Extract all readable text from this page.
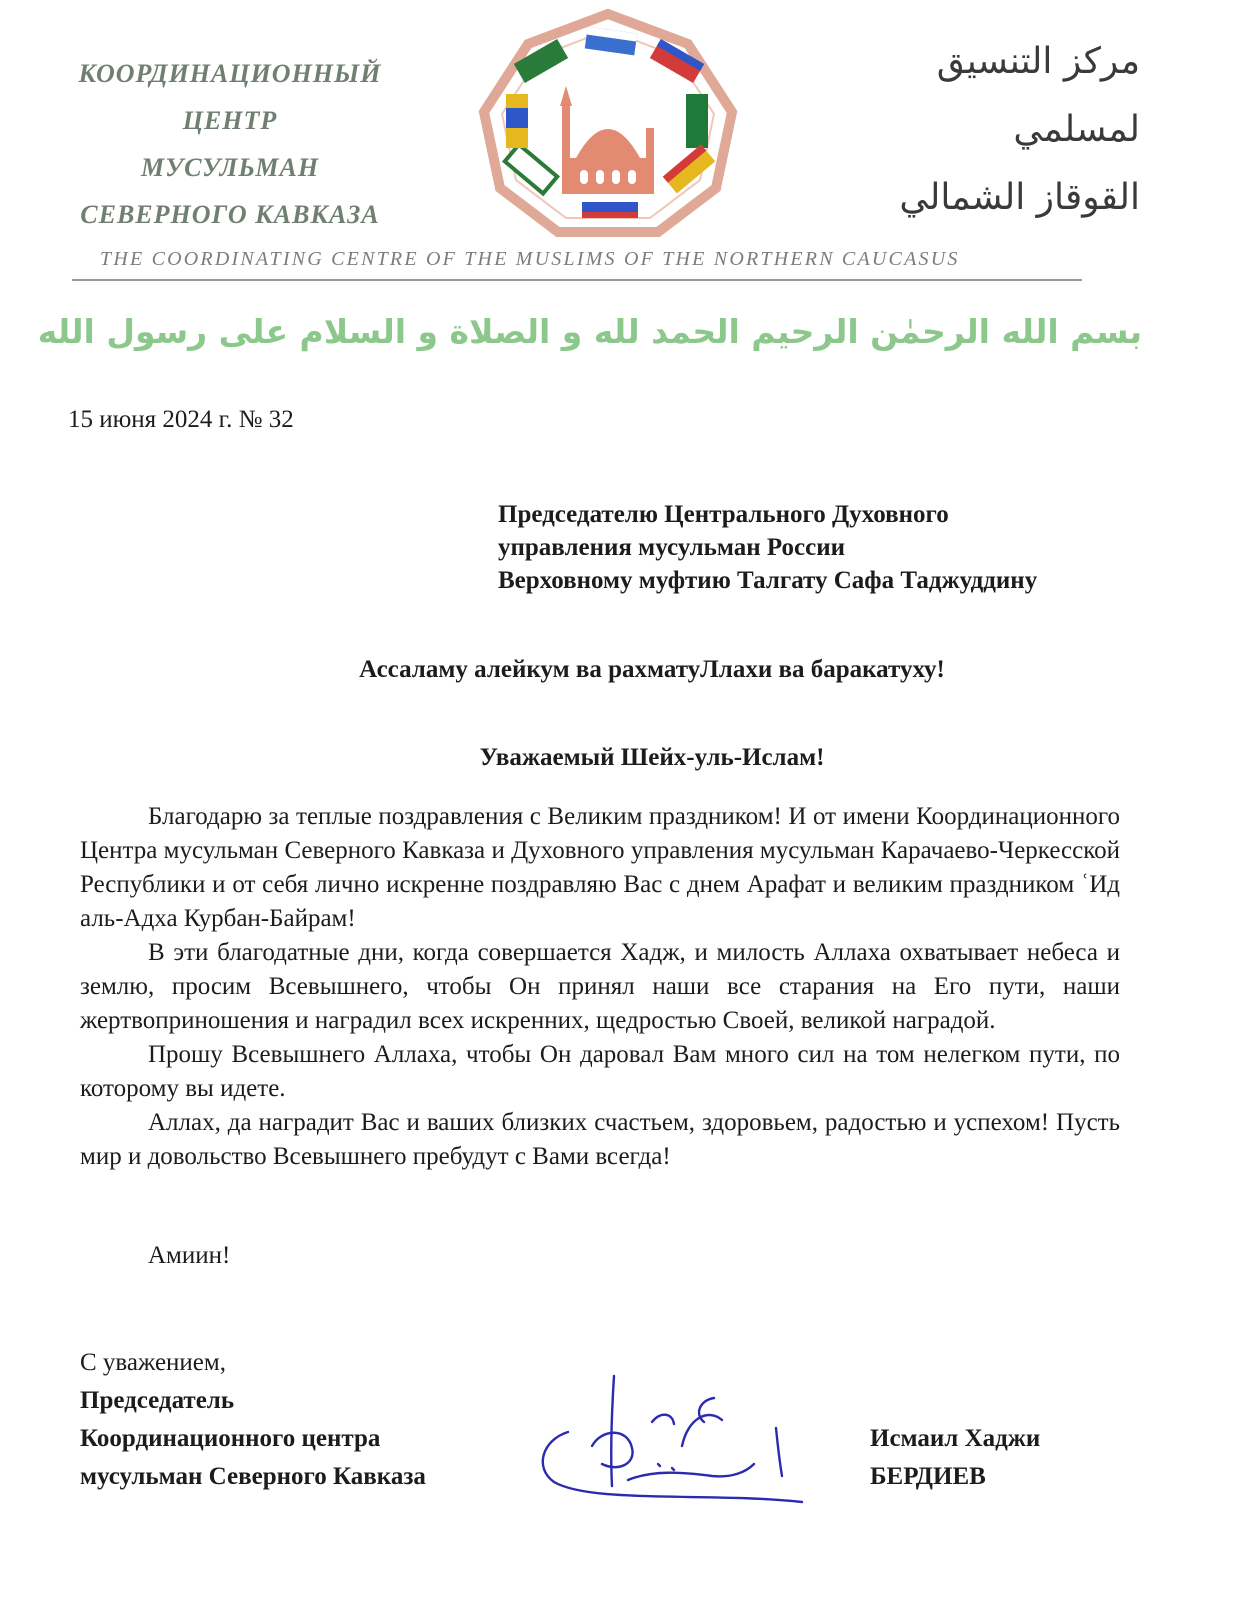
КООРДИНАЦИОННЫЙ
ЦЕНТР
МУСУЛЬМАН
СЕВЕРНОГО КАВКАЗА
مركز التنسيق
لمسلمي
القوقاز الشمالي
THE COORDINATING CENTRE OF THE MUSLIMS OF THE NORTHERN CAUCASUS
بسم الله الرحمٰن الرحيم الحمد لله و الصلاة و السلام على رسول الله
15 июня 2024 г. № 32
Председателю Центрального Духовного
управления мусульман России
Верховному муфтию Талгату Сафа Таджуддину
Ассаламу алейкум ва рахматуЛлахи ва баракатуху!
Уважаемый Шейх-уль-Ислам!

Благодарю за теплые поздравления с Великим праздником! И от имени Координационного Центра мусульман Северного Кавказа и Духовного управления мусульман Карачаево-Черкесской Республики и от себя лично искренне поздравляю Вас с днем Арафат и великим праздником ʿИд аль-Адха Курбан-Байрам!

В эти благодатные дни, когда совершается Хадж, и милость Аллаха охватывает небеса и землю, просим Всевышнего, чтобы Он принял наши все старания на Его пути, наши жертвоприношения и наградил всех искренних, щедростью Своей, великой наградой.

Прошу Всевышнего Аллаха, чтобы Он даровал Вам много сил на том нелегком пути, по которому вы идете.

Аллах, да наградит Вас и ваших близких счастьем, здоровьем, радостью и успехом! Пусть мир и довольство Всевышнего пребудут с Вами всегда!

Амиин!
С уважением,
Председатель
Координационного центра
мусульман Северного Кавказа
Исмаил Хаджи
БЕРДИЕВ
